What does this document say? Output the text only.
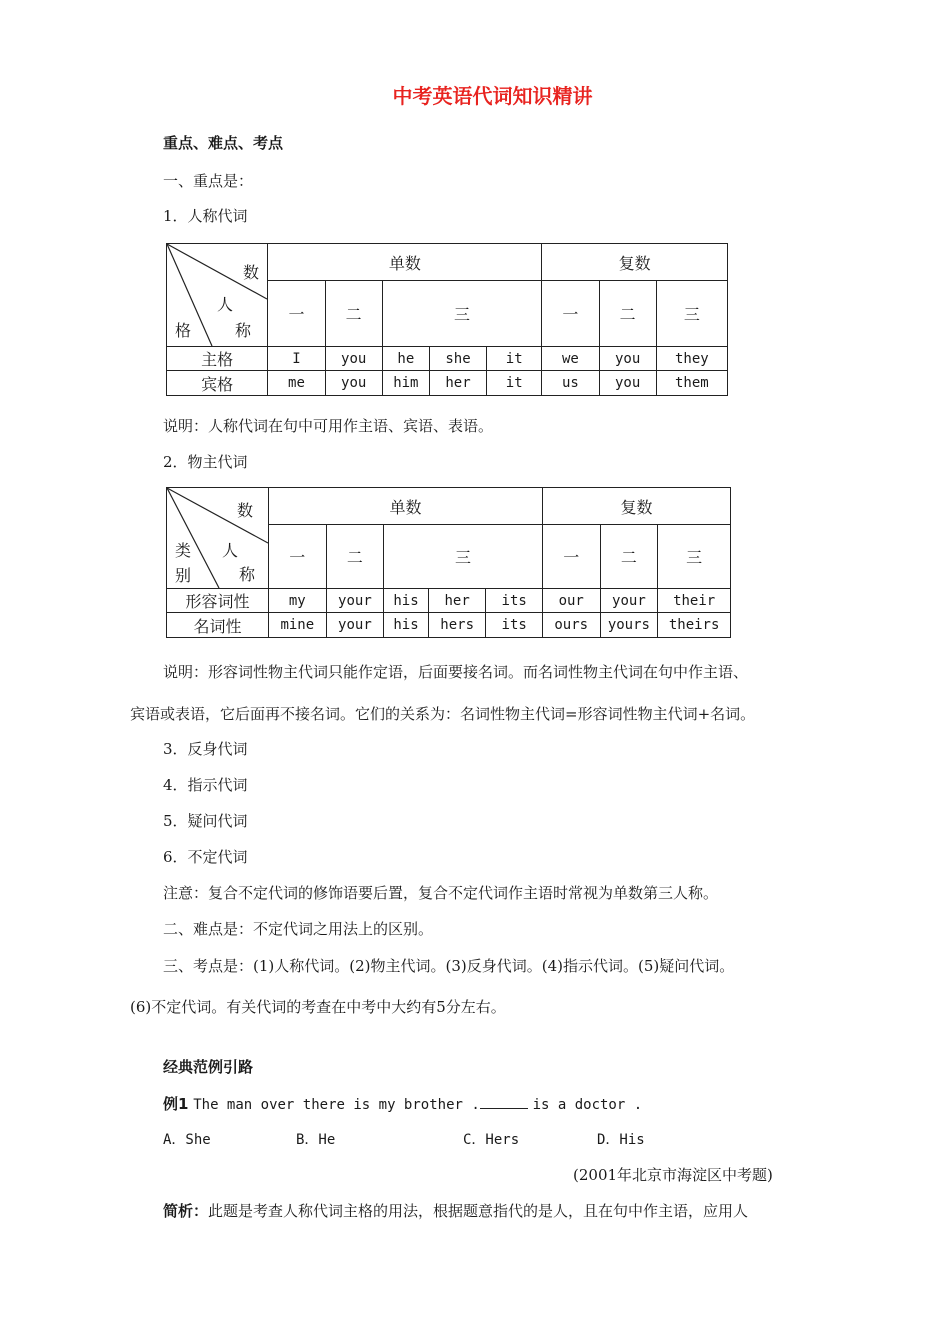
中考英语代词知识精讲
重点、难点、考点
一、重点是：
1．人称代词
数
人
格 称	单数					复数		
	一	二	三			一	二	三
主格	I	you	he	she	it	we	you	they
宾格	me	you	him	her	it	us	you	them
说明：人称代词在句中可用作主语、宾语、表语。
2．物主代词
数
人
类
别 称	单数					复数		
	一	二	三			一	二	三
形容词性	my	your	his	her	its	our	your	their
名词性	mine	your	his	hers	its	ours	yours	theirs
说明：形容词性物主代词只能作定语，后面要接名词。而名词性物主代词在句中作主语、
宾语或表语，它后面再不接名词。它们的关系为：名词性物主代词=形容词性物主代词+名词。
3．反身代词
4．指示代词
5．疑问代词
6．不定代词
注意：复合不定代词的修饰语要后置，复合不定代词作主语时常视为单数第三人称。
二、难点是：不定代词之用法上的区别。
三、考点是：(1)人称代词。(2)物主代词。(3)反身代词。(4)指示代词。(5)疑问代词。
(6)不定代词。有关代词的考查在中考中大约有5分左右。
经典范例引路
例1 The man over there is my brother .	is a doctor .
A．She	B．He	C．Hers	D．His
(2001年北京市海淀区中考题)
简析：此题是考查人称代词主格的用法，根据题意指代的是人，且在句中作主语，应用人
